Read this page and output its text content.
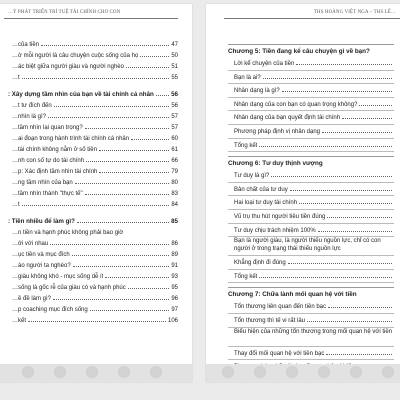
…Ỷ PHÁT TRIỂN TRÍ TUỆ TÀI CHÍNH CHO CON
…của tiền	47
…ờ mỗi người là câu chuyện cuộc sống của họ	50
…ác biệt giữa người giàu và người nghèo	51
…t	55
: Xây dựng tầm nhìn của bạn về tài chính cá nhân	56
…t tư đích đến	56
…nhìn là gì?	57
…tầm nhìn lại quan trọng?	57
…ai đoạn trong hành trình tài chính cá nhân	60
…tài chính không nằm ở số tiền	61
…nh con số tự do tài chính	66
…p: Xác định tầm nhìn tài chính	79
…ng tầm nhìn của bạn	80
…tầm nhìn thành "thực tế"	83
…t	84
: Tiền nhiều để làm gì?	85
…n tiền và hạnh phúc không phải bao giờ
…ới với nhau	86
…ục tiền và mục đích	89
…ào người ta nghèo?	91
…giàu không khó - mục sống dễ ít	93
…sống là gốc rễ của giàu có và hạnh phúc	95
…ề đề làm gì?	96
…p coaching mục đích sống	97
…kết	106
THS HOÀNG VIỆT NGA – THS LÊ…
Chương 5: Tiền đang kể câu chuyện gì về bạn?
Lời kể chuyện của tiền
Bạn là ai?
Nhân dạng là gì?
Nhân dạng của con bạn có quan trọng không?
Nhân dạng của bạn quyết định tài chính
Phương pháp định vị nhân dạng
Tổng kết
Chương 6: Tư duy thịnh vượng
Tư duy là gì?
Bản chất của tư duy
Hai loại tư duy tài chính
Vũ trụ thu hút người tiêu tiền đúng
Tư duy chịu trách nhiệm 100%
Bạn là người giàu, là người thiếu nguồn lực, chỉ có con người ở trong trạng thái thiếu nguồn lực
Khẳng định đi đúng
Tổng kết
Chương 7: Chữa lành mối quan hệ với tiền
Tổn thương liên quan đến tiền bạc
Tổn thương thì tế vi rất lâu
Biểu hiện của những tổn thương trong mối quan hệ với tiền
Thay đổi mối quan hệ với tiền bạc
